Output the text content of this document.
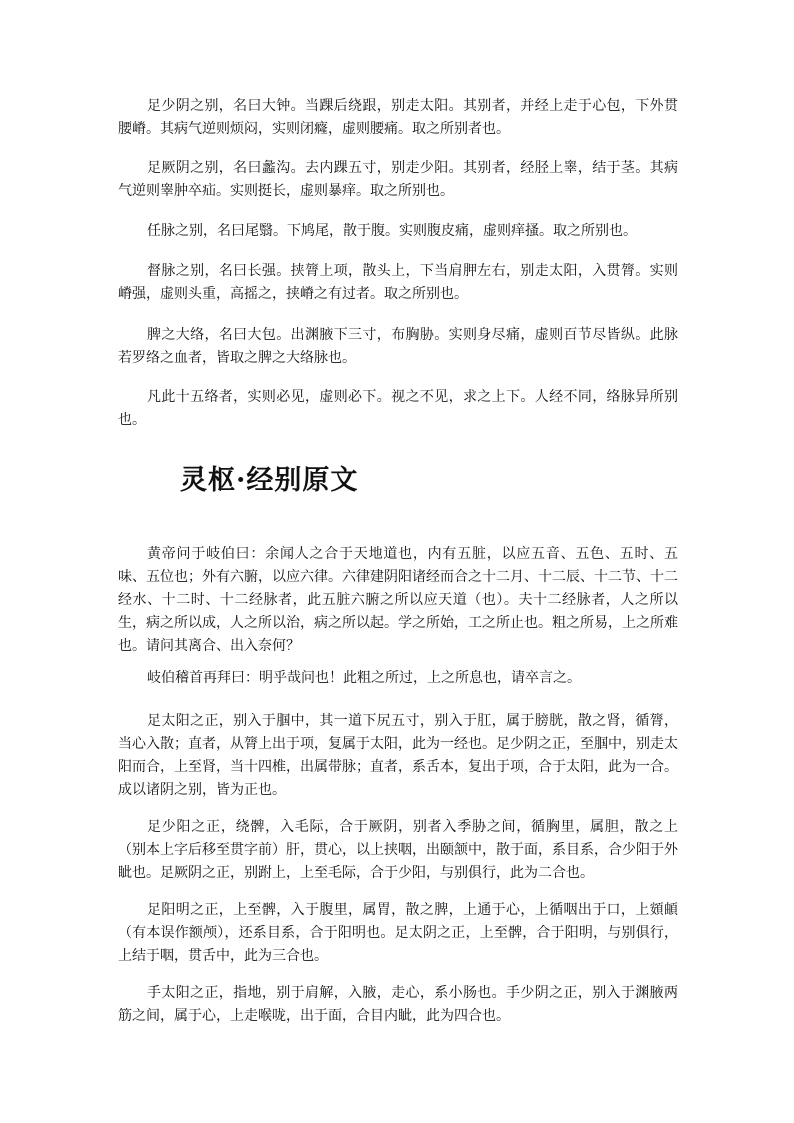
足少阴之别，名曰大钟。当踝后绕跟，别走太阳。其别者，并经上走于心包，下外贯腰嵴。其病气逆则烦闷，实则闭癃，虚则腰痛。取之所别者也。

足厥阴之别，名曰蠡沟。去内踝五寸，别走少阳。其别者，经胫上睾，结于茎。其病气逆则睾肿卒疝。实则挺长，虚则暴痒。取之所别也。

任脉之别，名曰尾翳。下鸠尾，散于腹。实则腹皮痛，虚则痒搔。取之所别也。

督脉之别，名曰长强。挟膂上项，散头上，下当肩胛左右，别走太阳，入贯膂。实则嵴强，虚则头重，高摇之，挟嵴之有过者。取之所别也。

脾之大络，名曰大包。出渊腋下三寸，布胸胁。实则身尽痛，虚则百节尽皆纵。此脉若罗络之血者，皆取之脾之大络脉也。

凡此十五络者，实则必见，虚则必下。视之不见，求之上下。人经不同，络脉异所别也。

灵枢·经别原文

黄帝问于岐伯曰：余闻人之合于天地道也，内有五脏，以应五音、五色、五时、五味、五位也；外有六腑，以应六律。六律建阴阳诸经而合之十二月、十二辰、十二节、十二经水、十二时、十二经脉者，此五脏六腑之所以应天道（也）。夫十二经脉者，人之所以生，病之所以成，人之所以治，病之所以起。学之所始，工之所止也。粗之所易，上之所难也。请问其离合、出入奈何？

岐伯稽首再拜曰：明乎哉问也！此粗之所过，上之所息也，请卒言之。

足太阳之正，别入于腘中，其一道下尻五寸，别入于肛，属于膀胱，散之肾，循膂，当心入散；直者，从膂上出于项，复属于太阳，此为一经也。足少阴之正，至腘中，别走太阳而合，上至肾，当十四椎，出属带脉；直者，系舌本，复出于项，合于太阳，此为一合。成以诸阴之别，皆为正也。

足少阳之正，绕髀，入毛际，合于厥阴，别者入季胁之间，循胸里，属胆，散之上（别本上字后移至贯字前）肝，贯心，以上挟咽，出颐颔中，散于面，系目系，合少阳于外眦也。足厥阴之正，别跗上，上至毛际，合于少阳，与别俱行，此为二合也。

足阳明之正，上至髀，入于腹里，属胃，散之脾，上通于心，上循咽出于口，上頞頔（有本误作额颅），还系目系，合于阳明也。足太阴之正，上至髀，合于阳明，与别俱行，上结于咽，贯舌中，此为三合也。

手太阳之正，指地，别于肩解，入腋，走心，系小肠也。手少阴之正，别入于渊腋两筋之间，属于心，上走喉咙，出于面，合目内眦，此为四合也。
